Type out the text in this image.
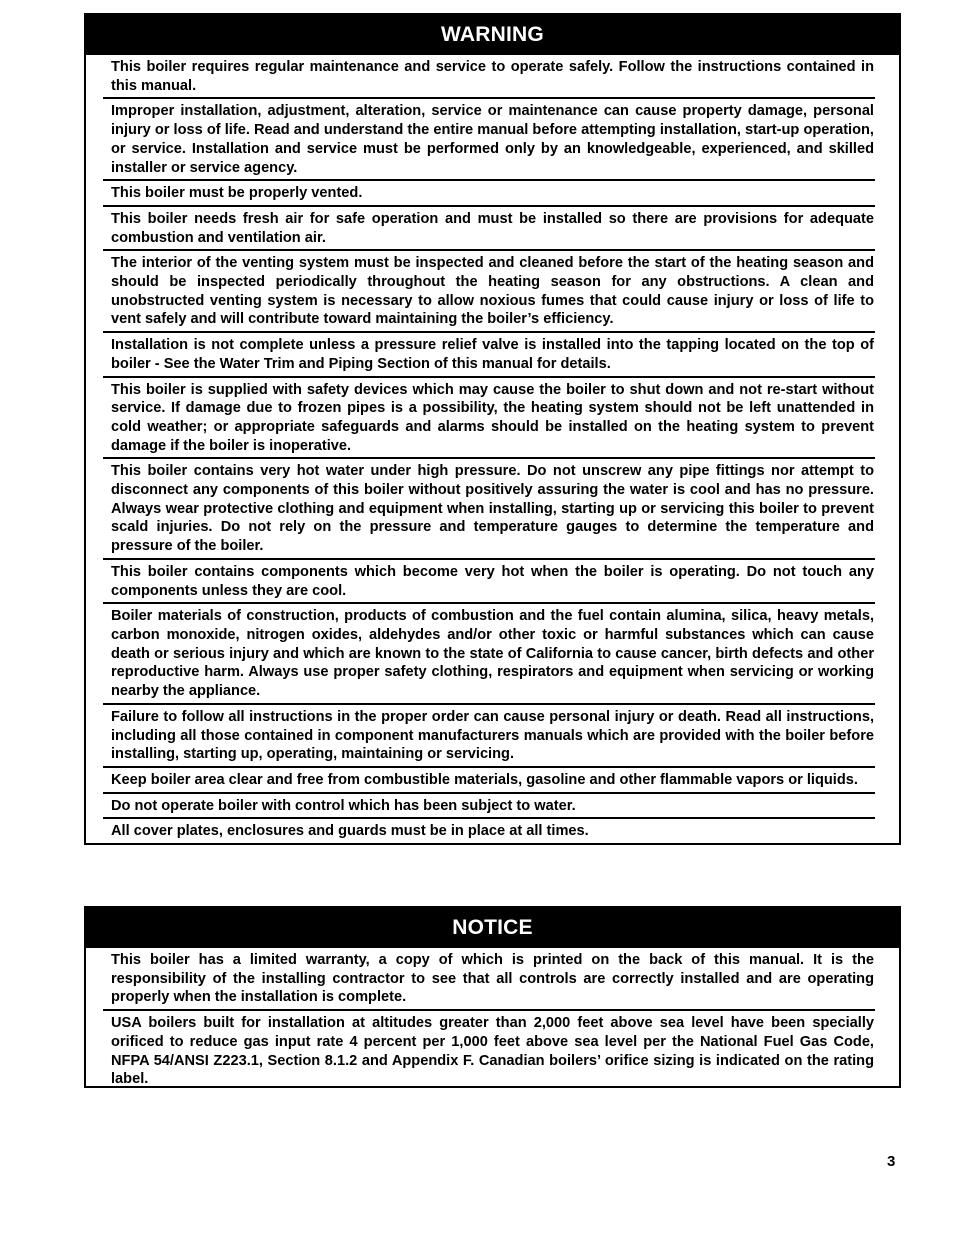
WARNING
This boiler requires regular maintenance and service to operate safely. Follow the instructions contained in this manual.
Improper installation, adjustment, alteration, service or maintenance can cause property damage, personal injury or loss of life. Read and understand the entire manual before attempting installation, start-up operation, or service. Installation and service must be performed only by an knowledgeable, experienced, and skilled installer or service agency.
This boiler must be properly vented.
This boiler needs fresh air for safe operation and must be installed so there are provisions for adequate combustion and ventilation air.
The interior of the venting system must be inspected and cleaned before the start of the heating season and should be inspected periodically throughout the heating season for any obstructions. A clean and unobstructed venting system is necessary to allow noxious fumes that could cause injury or loss of life to vent safely and will contribute toward maintaining the boiler’s efficiency.
Installation is not complete unless a pressure relief valve is installed into the tapping located on the top of boiler - See the Water Trim and Piping Section of this manual for details.
This boiler is supplied with safety devices which may cause the boiler to shut down and not re-start without service. If damage due to frozen pipes is a possibility, the heating system should not be left unattended in cold weather; or appropriate safeguards and alarms should be installed on the heating system to prevent damage if the boiler is inoperative.
This boiler contains very hot water under high pressure. Do not unscrew any pipe fittings nor attempt to disconnect any components of this boiler without positively assuring the water is cool and has no pressure. Always wear protective clothing and equipment when installing, starting up or servicing this boiler to prevent scald injuries. Do not rely on the pressure and temperature gauges to determine the temperature and pressure of the boiler.
This boiler contains components which become very hot when the boiler is operating. Do not touch any components unless they are cool.
Boiler materials of construction, products of combustion and the fuel contain alumina, silica, heavy metals, carbon monoxide, nitrogen oxides, aldehydes and/or other toxic or harmful substances which can cause death or serious injury and which are known to the state of California to cause cancer, birth defects and other reproductive harm. Always use proper safety clothing, respirators and equipment when servicing or working nearby the appliance.
Failure to follow all instructions in the proper order can cause personal injury or death. Read all instructions, including all those contained in component manufacturers manuals which are provided with the boiler before installing, starting up, operating, maintaining or servicing.
Keep boiler area clear and free from combustible materials, gasoline and other flammable vapors or liquids.
Do not operate boiler with control which has been subject to water.
All cover plates, enclosures and guards must be in place at all times.
NOTICE
This boiler has a limited warranty, a copy of which is printed on the back of this manual. It is the responsibility of the installing contractor to see that all controls are correctly installed and are operating properly when the installation is complete.
USA boilers built for installation at altitudes greater than 2,000 feet above sea level have been specially orificed to reduce gas input rate 4 percent per 1,000 feet above sea level per the National Fuel Gas Code, NFPA 54/ANSI Z223.1, Section 8.1.2 and Appendix F. Canadian boilers’ orifice sizing is indicated on the rating label.
3
